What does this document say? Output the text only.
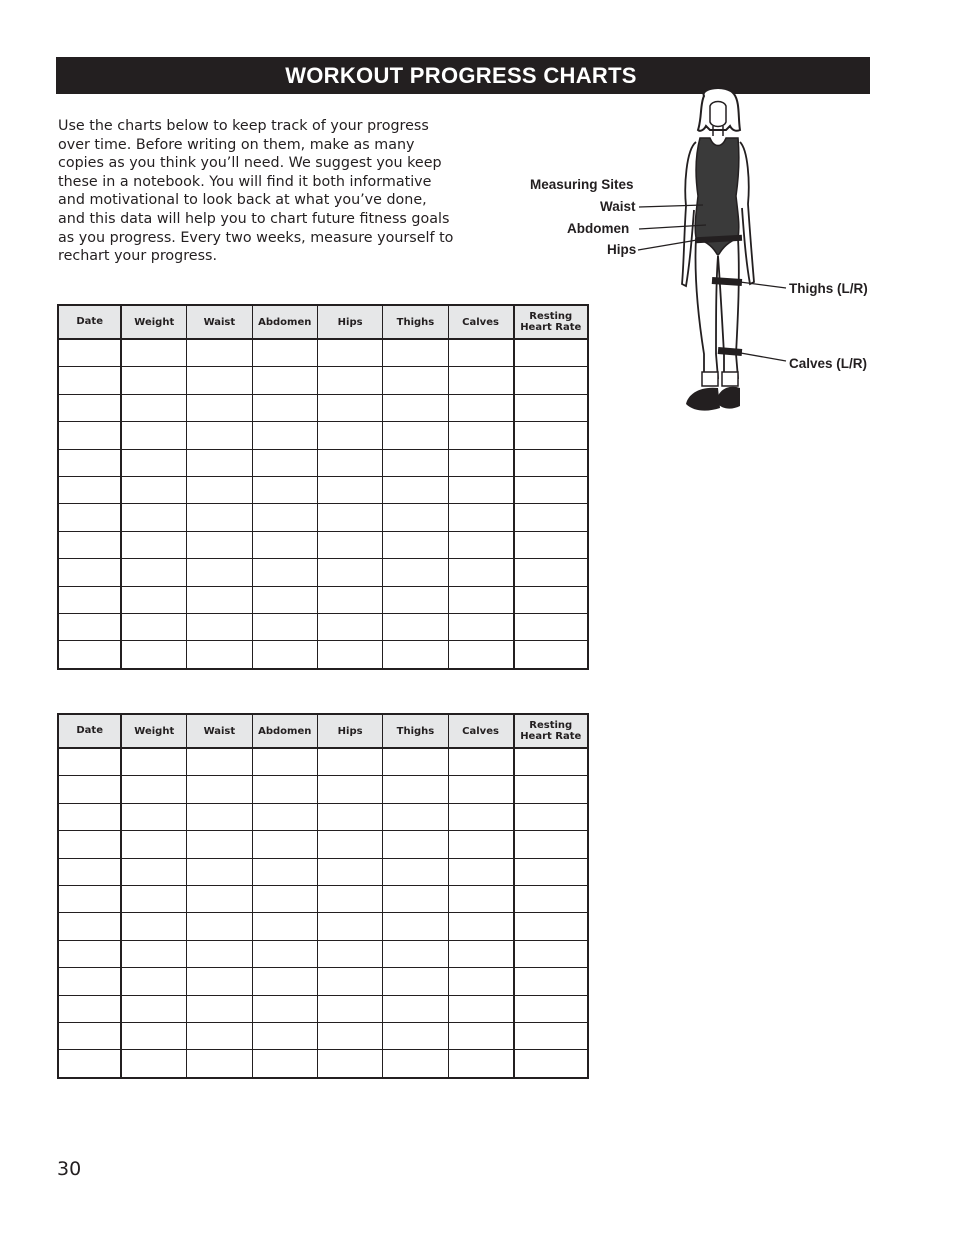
WORKOUT PROGRESS CHARTS

Use the charts below to keep track of your progress
over time. Before writing on them, make as many
copies as you think you’ll need. We suggest you keep
these in a notebook. You will find it both informative
and motivational to look back at what you’ve done,
and this data will help you to chart future fitness goals
as you progress. Every two weeks, measure yourself to
rechart your progress.

Measuring Sites
Waist
Abdomen
Hips
Thighs (L/R)
Calves (L/R)
Date	Weight	Waist	Abdomen	Hips	Thighs	Calves	Resting Heart Rate

Date	Weight	Waist	Abdomen	Hips	Thighs	Calves	Resting Heart Rate

30
